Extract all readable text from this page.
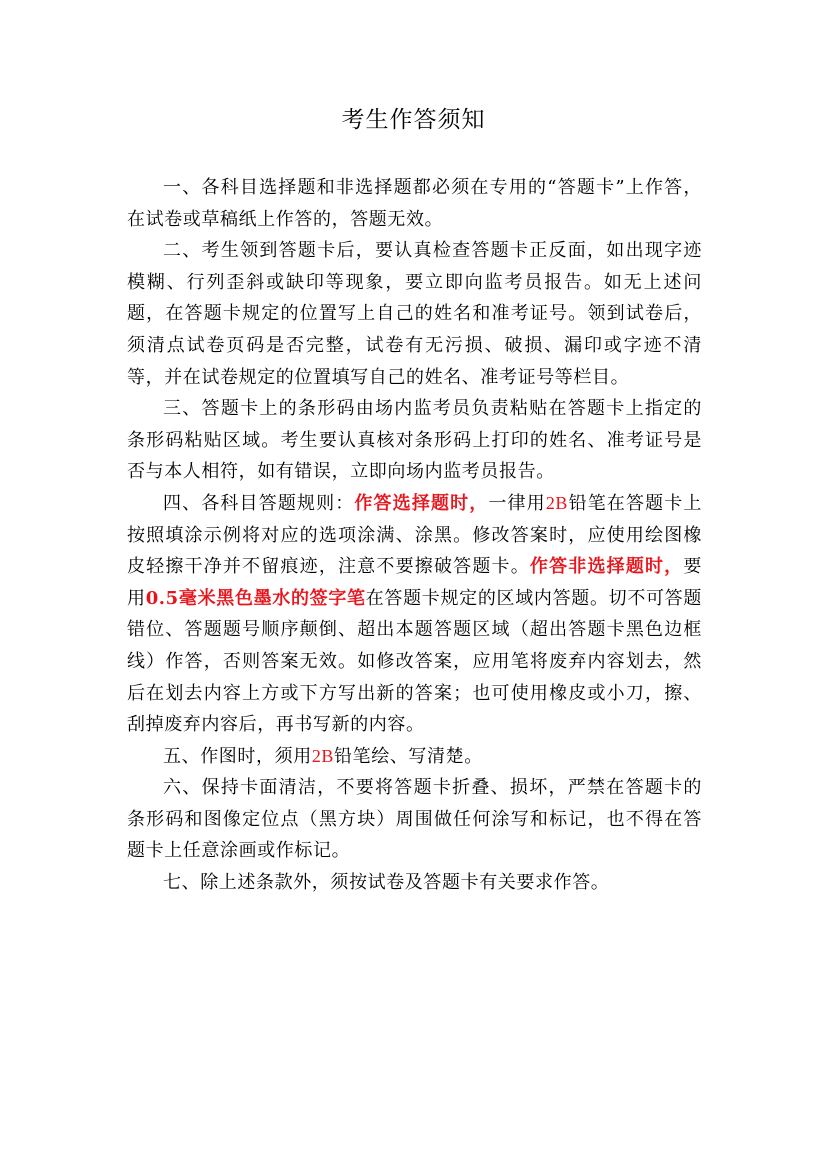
考生作答须知

一、各科目选择题和非选择题都必须在专用的“答题卡”上作答，在试卷或草稿纸上作答的，答题无效。

二、考生领到答题卡后，要认真检查答题卡正反面，如出现字迹模糊、行列歪斜或缺印等现象，要立即向监考员报告。如无上述问题，在答题卡规定的位置写上自己的姓名和准考证号。领到试卷后，须清点试卷页码是否完整，试卷有无污损、破损、漏印或字迹不清等，并在试卷规定的位置填写自己的姓名、准考证号等栏目。

三、答题卡上的条形码由场内监考员负责粘贴在答题卡上指定的条形码粘贴区域。考生要认真核对条形码上打印的姓名、准考证号是否与本人相符，如有错误，立即向场内监考员报告。

四、各科目答题规则：作答选择题时，一律用2B铅笔在答题卡上按照填涂示例将对应的选项涂满、涂黑。修改答案时，应使用绘图橡皮轻擦干净并不留痕迹，注意不要擦破答题卡。作答非选择题时，要用0.5毫米黑色墨水的签字笔在答题卡规定的区域内答题。切不可答题错位、答题题号顺序颠倒、超出本题答题区域（超出答题卡黑色边框线）作答，否则答案无效。如修改答案，应用笔将废弃内容划去，然后在划去内容上方或下方写出新的答案；也可使用橡皮或小刀，擦、刮掉废弃内容后，再书写新的内容。

五、作图时，须用2B铅笔绘、写清楚。

六、保持卡面清洁，不要将答题卡折叠、损坏，严禁在答题卡的条形码和图像定位点（黑方块）周围做任何涂写和标记，也不得在答题卡上任意涂画或作标记。

七、除上述条款外，须按试卷及答题卡有关要求作答。
